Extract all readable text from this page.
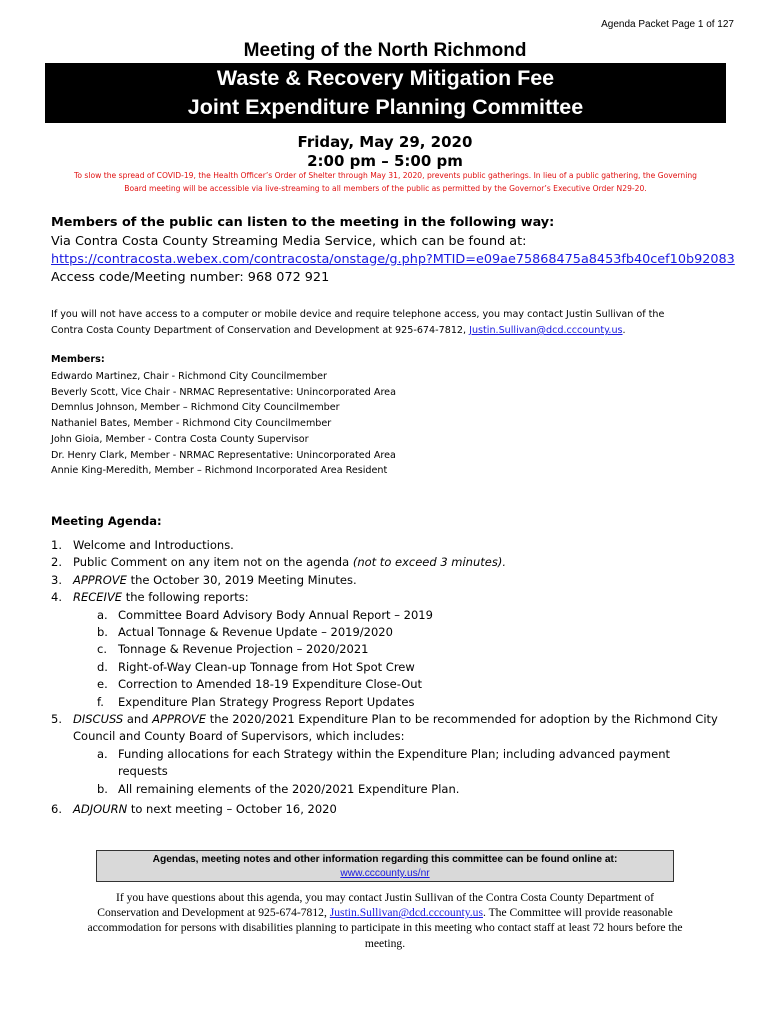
Agenda Packet Page 1 of 127
Meeting of the North Richmond
Waste & Recovery Mitigation Fee
Joint Expenditure Planning Committee
Friday, May 29, 2020
2:00 pm – 5:00 pm
To slow the spread of COVID-19, the Health Officer’s Order of Shelter through May 31, 2020, prevents public gatherings. In lieu of a public gathering, the Governing
Board meeting will be accessible via live-streaming to all members of the public as permitted by the Governor’s Executive Order N29-20.
Members of the public can listen to the meeting in the following way:
Via Contra Costa County Streaming Media Service, which can be found at:
https://contracosta.webex.com/contracosta/onstage/g.php?MTID=e09ae75868475a8453fb40cef10b92083
Access code/Meeting number: 968 072 921
If you will not have access to a computer or mobile device and require telephone access, you may contact Justin Sullivan of the
Contra Costa County Department of Conservation and Development at 925-674-7812, Justin.Sullivan@dcd.cccounty.us.
Members:
Edwardo Martinez, Chair - Richmond City Councilmember
Beverly Scott, Vice Chair - NRMAC Representative: Unincorporated Area
Demnlus Johnson, Member – Richmond City Councilmember
Nathaniel Bates, Member - Richmond City Councilmember
John Gioia, Member - Contra Costa County Supervisor
Dr. Henry Clark, Member - NRMAC Representative: Unincorporated Area
Annie King-Meredith, Member – Richmond Incorporated Area Resident
Meeting Agenda:
1. Welcome and Introductions.
2. Public Comment on any item not on the agenda (not to exceed 3 minutes).
3. APPROVE the October 30, 2019 Meeting Minutes.
4. RECEIVE the following reports:
a. Committee Board Advisory Body Annual Report – 2019
b. Actual Tonnage & Revenue Update – 2019/2020
c. Tonnage & Revenue Projection – 2020/2021
d. Right-of-Way Clean-up Tonnage from Hot Spot Crew
e. Correction to Amended 18-19 Expenditure Close-Out
f. Expenditure Plan Strategy Progress Report Updates
5. DISCUSS and APPROVE the 2020/2021 Expenditure Plan to be recommended for adoption by the Richmond City
Council and County Board of Supervisors, which includes:
a. Funding allocations for each Strategy within the Expenditure Plan; including advanced payment
requests
b. All remaining elements of the 2020/2021 Expenditure Plan.
6. ADJOURN to next meeting – October 16, 2020
Agendas, meeting notes and other information regarding this committee can be found online at:
www.cccounty.us/nr
If you have questions about this agenda, you may contact Justin Sullivan of the Contra Costa County Department of
Conservation and Development at 925-674-7812, Justin.Sullivan@dcd.cccounty.us. The Committee will provide reasonable
accommodation for persons with disabilities planning to participate in this meeting who contact staff at least 72 hours before the
meeting.
